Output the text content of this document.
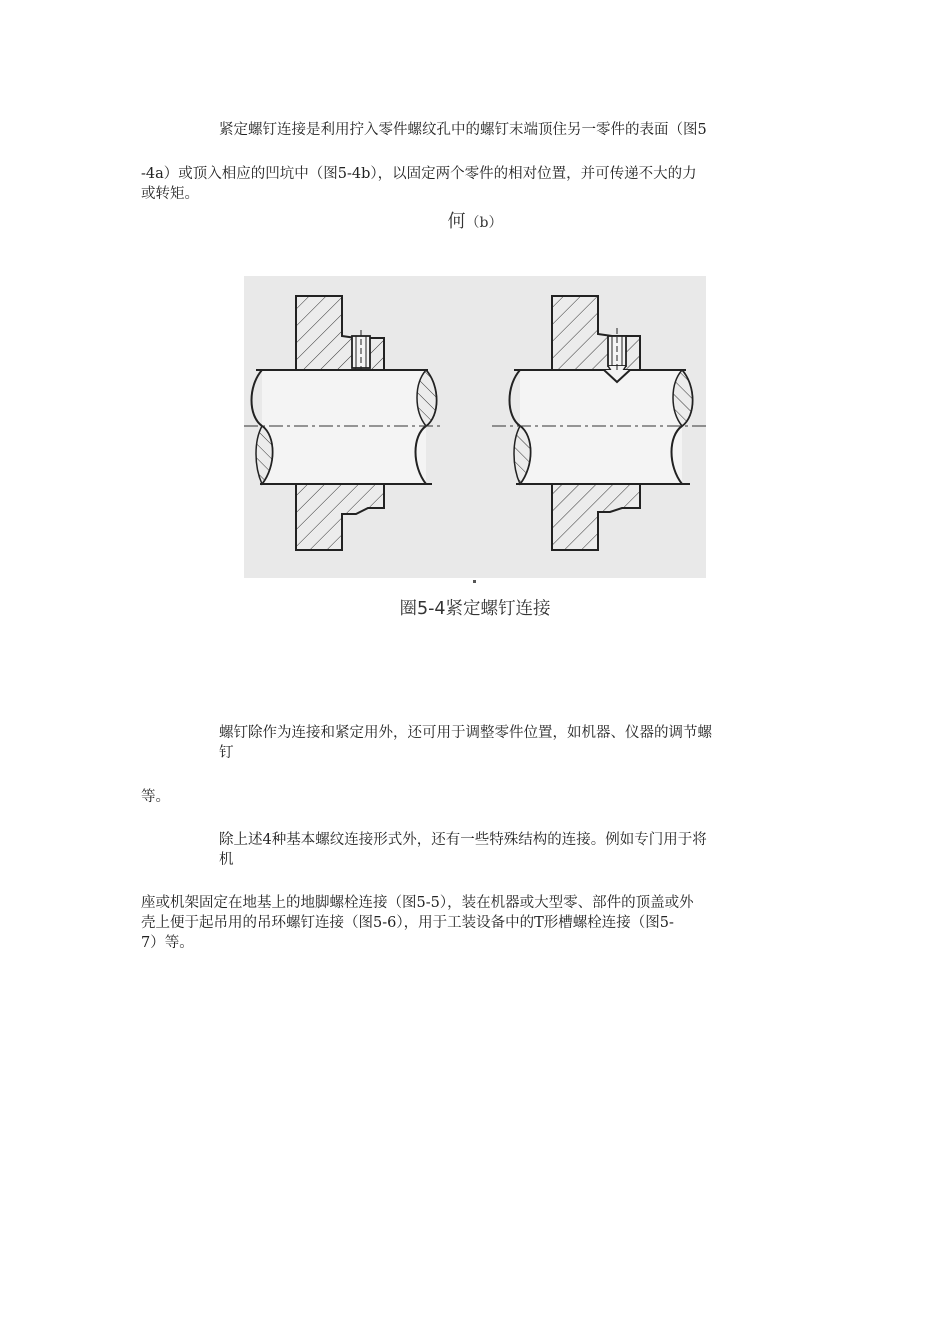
紧定螺钉连接是利用拧入零件螺纹孔中的螺钉末端顶住另一零件的表面（图5

-4a）或顶入相应的凹坑中（图5-4b），以固定两个零件的相对位置，并可传递不大的力

或转矩。

何（b）
圈5-4紧定螺钉连接

螺钉除作为连接和紧定用外，还可用于调整零件位置，如机器、仪器的调节螺

钉

等。

除上述4种基本螺纹连接形式外，还有一些特殊结构的连接。例如专门用于将

机

座或机架固定在地基上的地脚螺栓连接（图5-5），装在机器或大型零、部件的顶盖或外

壳上便于起吊用的吊环螺钉连接（图5-6），用于工装设备中的T形槽螺栓连接（图5-

7）等。
